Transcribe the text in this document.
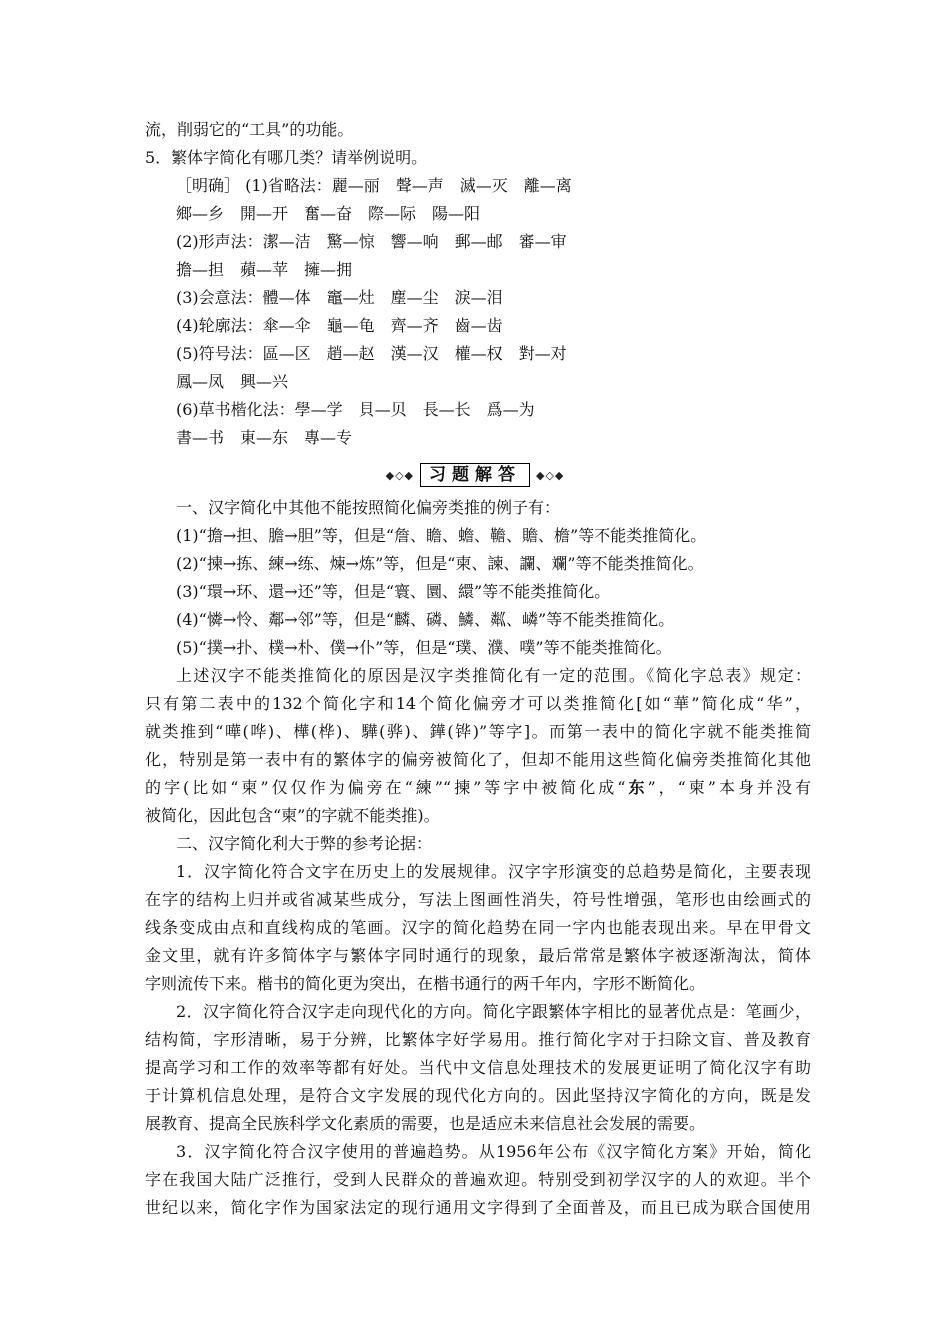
流，削弱它的“工具”的功能。
5．繁体字简化有哪几类？请举例说明。
［明确］ (1)省略法：麗—丽　聲—声　滅—灭　離—离
鄉—乡　開—开　奮—奋　際—际　陽—阳
(2)形声法：潔—洁　驚—惊　響—响　郵—邮　審—审
擔—担　蘋—苹　擁—拥
(3)会意法：體—体　竈—灶　塵—尘　淚—泪
(4)轮廓法：傘—伞　龜—龟　齊—齐　齒—齿
(5)符号法：區—区　趙—赵　漢—汉　權—权　對—对
鳳—凤　興—兴
(6)草书楷化法：學—学　貝—贝　長—长　爲—为
書—书　東—东　專—专
◆◇◆ 习题解答	◆◇◆
一、汉字简化中其他不能按照简化偏旁类推的例子有：
(1)“擔→担、膽→胆”等，但是“詹、瞻、蟾、韂、贍、檐”等不能类推简化。
(2)“揀→拣、練→练、煉→炼”等，但是“柬、諫、讕、斕”等不能类推简化。
(3)“環→环、還→还”等，但是“寰、圜、繯”等不能类推简化。
(4)“憐→怜、鄰→邻”等，但是“麟、磷、鱗、粼、嶙”等不能类推简化。
(5)“撲→扑、樸→朴、僕→仆”等，但是“璞、濮、噗”等不能类推简化。
上述汉字不能类推简化的原因是汉字类推简化有一定的范围。《简化字总表》规定：
只有第二表中的132个简化字和14个简化偏旁才可以类推简化[如“華”简化成“华”，
就类推到“嘩(哗)、樺(桦)、驊(骅)、鏵(铧)”等字]。而第一表中的简化字就不能类推简
化，特别是第一表中有的繁体字的偏旁被简化了，但却不能用这些简化偏旁类推简化其他
的字(比如“柬”仅仅作为偏旁在“練”“揀”等字中被简化成“东”，“柬”本身并没有
被简化，因此包含“柬”的字就不能类推)。
二、汉字简化利大于弊的参考论据：
1．汉字简化符合文字在历史上的发展规律。汉字字形演变的总趋势是简化，主要表现
在字的结构上归并或省减某些成分，写法上图画性消失，符号性增强，笔形也由绘画式的
线条变成由点和直线构成的笔画。汉字的简化趋势在同一字内也能表现出来。早在甲骨文
金文里，就有许多简体字与繁体字同时通行的现象，最后常常是繁体字被逐渐淘汰，简体
字则流传下来。楷书的简化更为突出，在楷书通行的两千年内，字形不断简化。
2．汉字简化符合汉字走向现代化的方向。简化字跟繁体字相比的显著优点是：笔画少，
结构简，字形清晰，易于分辨，比繁体字好学易用。推行简化字对于扫除文盲、普及教育
提高学习和工作的效率等都有好处。当代中文信息处理技术的发展更证明了简化汉字有助
于计算机信息处理，是符合文字发展的现代化方向的。因此坚持汉字简化的方向，既是发
展教育、提高全民族科学文化素质的需要，也是适应未来信息社会发展的需要。
3．汉字简化符合汉字使用的普遍趋势。从1956年公布《汉字简化方案》开始，简化
字在我国大陆广泛推行，受到人民群众的普遍欢迎。特别受到初学汉字的人的欢迎。半个
世纪以来，简化字作为国家法定的现行通用文字得到了全面普及，而且已成为联合国使用
